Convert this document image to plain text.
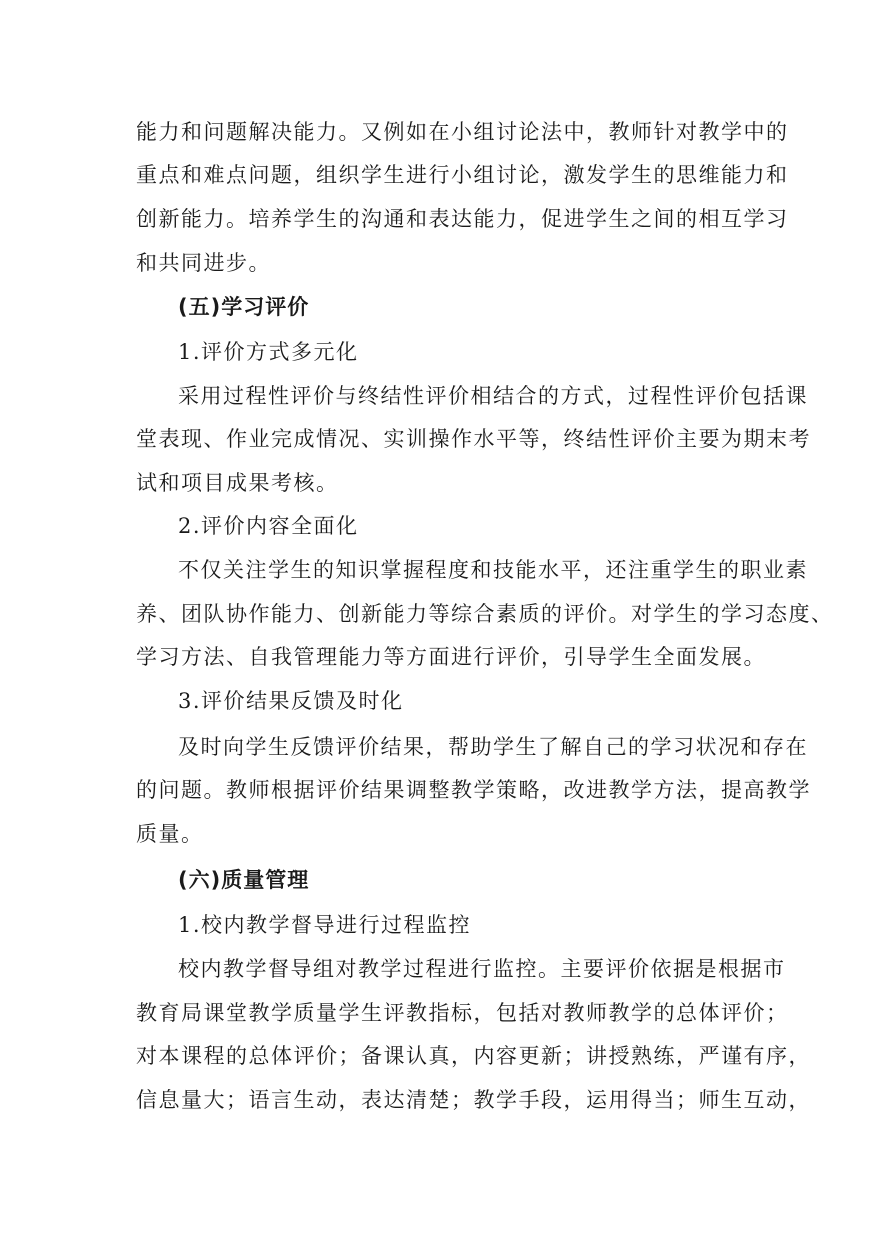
能力和问题解决能力。又例如在小组讨论法中，教师针对教学中的
重点和难点问题，组织学生进行小组讨论，激发学生的思维能力和
创新能力。培养学生的沟通和表达能力，促进学生之间的相互学习
和共同进步。
(五)学习评价
1.评价方式多元化
采用过程性评价与终结性评价相结合的方式，过程性评价包括课
堂表现、作业完成情况、实训操作水平等，终结性评价主要为期末考
试和项目成果考核。
2.评价内容全面化
不仅关注学生的知识掌握程度和技能水平，还注重学生的职业素
养、团队协作能力、创新能力等综合素质的评价。对学生的学习态度、
学习方法、自我管理能力等方面进行评价，引导学生全面发展。
3.评价结果反馈及时化
及时向学生反馈评价结果，帮助学生了解自己的学习状况和存在
的问题。教师根据评价结果调整教学策略，改进教学方法，提高教学
质量。
(六)质量管理
1.校内教学督导进行过程监控
校内教学督导组对教学过程进行监控。主要评价依据是根据市
教育局课堂教学质量学生评教指标，包括对教师教学的总体评价；
对本课程的总体评价；备课认真，内容更新；讲授熟练，严谨有序，
信息量大；语言生动，表达清楚；教学手段，运用得当；师生互动，
